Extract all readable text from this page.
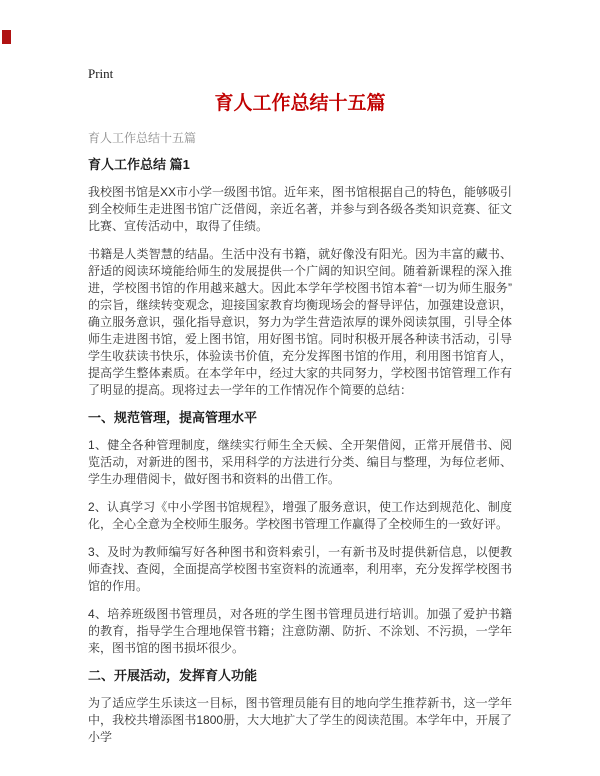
Print
育人工作总结十五篇
育人工作总结十五篇
育人工作总结 篇1

我校图书馆是XX市小学一级图书馆。近年来，图书馆根据自己的特色，能够吸引到全校师生走进图书馆广泛借阅，亲近名著，并参与到各级各类知识竞赛、征文比赛、宣传活动中，取得了佳绩。

书籍是人类智慧的结晶。生活中没有书籍，就好像没有阳光。因为丰富的藏书、舒适的阅读环境能给师生的发展提供一个广阔的知识空间。随着新课程的深入推进，学校图书馆的作用越来越大。因此本学年学校图书馆本着“一切为师生服务”的宗旨，继续转变观念，迎接国家教育均衡现场会的督导评估，加强建设意识，确立服务意识，强化指导意识，努力为学生营造浓厚的课外阅读氛围，引导全体师生走进图书馆，爱上图书馆，用好图书馆。同时积极开展各种读书活动，引导学生收获读书快乐，体验读书价值，充分发挥图书馆的作用，利用图书馆育人，提高学生整体素质。在本学年中，经过大家的共同努力，学校图书馆管理工作有了明显的提高。现将过去一学年的工作情况作个简要的总结：

一、规范管理，提高管理水平

1、健全各种管理制度，继续实行师生全天候、全开架借阅，正常开展借书、阅览活动，对新进的图书，采用科学的方法进行分类、编目与整理，为每位老师、学生办理借阅卡，做好图书和资料的出借工作。

2、认真学习《中小学图书馆规程》，增强了服务意识，使工作达到规范化、制度化，全心全意为全校师生服务。学校图书管理工作赢得了全校师生的一致好评。

3、及时为教师编写好各种图书和资料索引，一有新书及时提供新信息，以便教师查找、查阅，全面提高学校图书室资料的流通率，利用率，充分发挥学校图书馆的作用。

4、培养班级图书管理员，对各班的学生图书管理员进行培训。加强了爱护书籍的教育，指导学生合理地保管书籍；注意防潮、防折、不涂划、不污损，一学年来，图书馆的图书损坏很少。

二、开展活动，发挥育人功能

为了适应学生乐读这一目标，图书管理员能有目的地向学生推荐新书，这一学年中，我校共增添图书1800册，大大地扩大了学生的阅读范围。本学年中，开展了小学
